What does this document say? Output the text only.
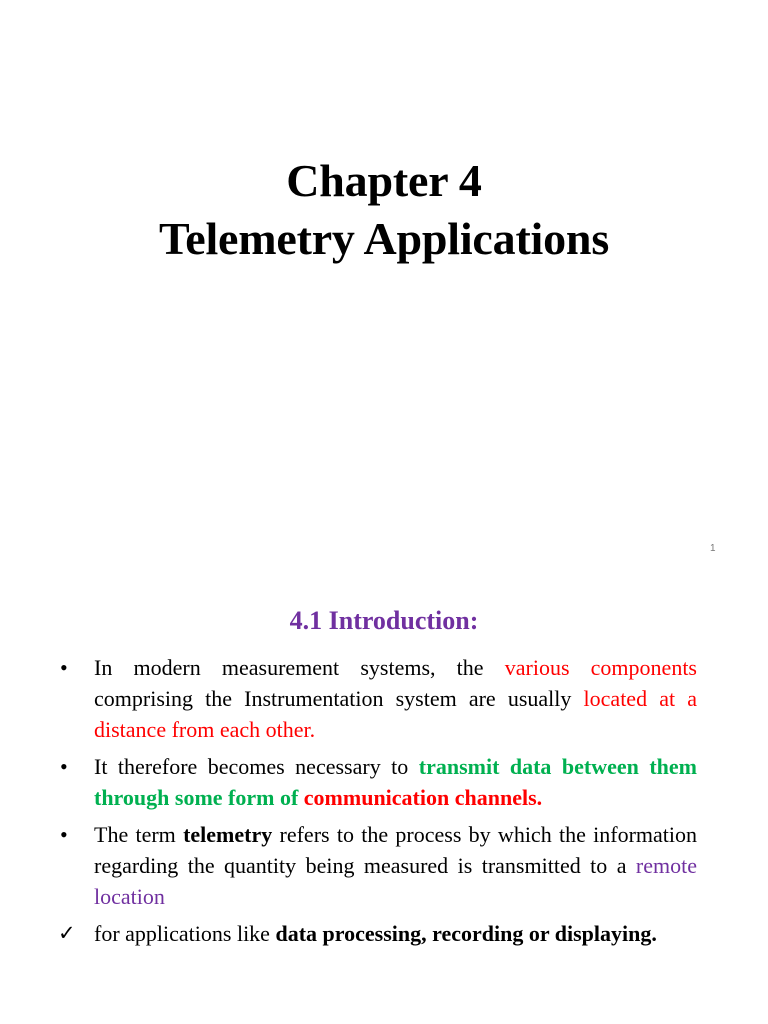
Chapter 4
Telemetry Applications
1
4.1 Introduction:
•	In modern measurement systems, the various components comprising the Instrumentation system are usually located at a distance from each other.
•	It therefore becomes necessary to transmit data between them through some form of communication channels.
•	The term telemetry refers to the process by which the information regarding the quantity being measured is transmitted to a remote location
✓ for applications like data processing, recording or displaying.
